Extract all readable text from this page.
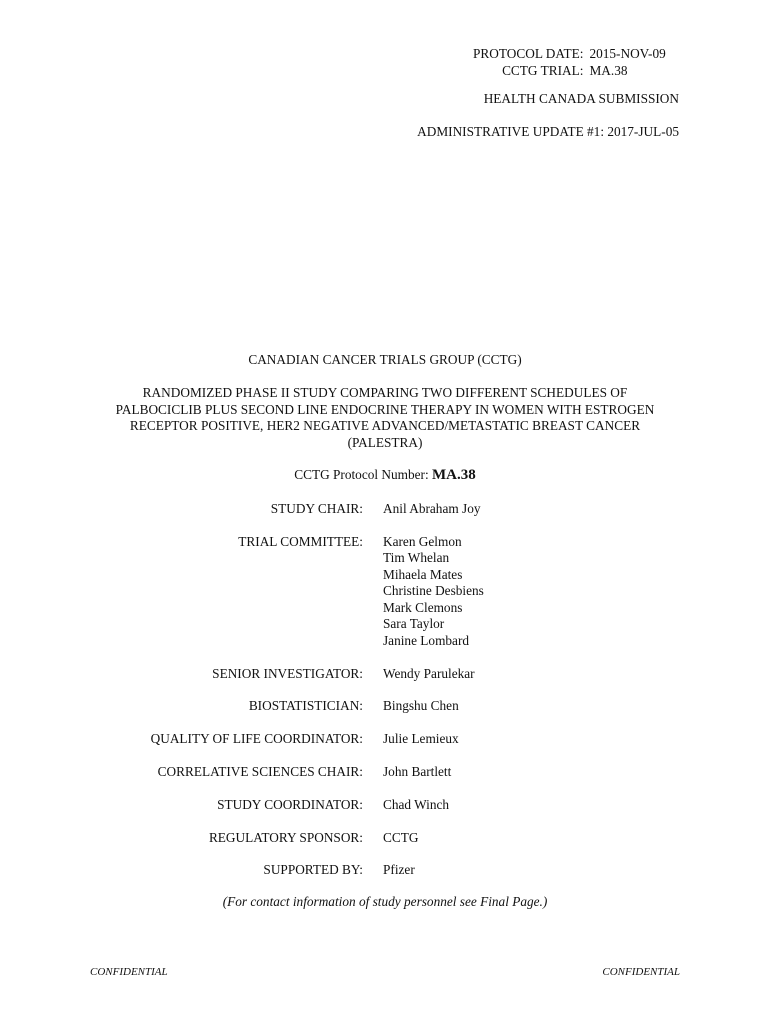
PROTOCOL DATE:	2015-NOV-09
CCTG TRIAL:	MA.38
HEALTH CANADA SUBMISSION
ADMINISTRATIVE UPDATE #1: 2017-JUL-05
CANADIAN CANCER TRIALS GROUP (CCTG)
RANDOMIZED PHASE II STUDY COMPARING TWO DIFFERENT SCHEDULES OF
PALBOCICLIB PLUS SECOND LINE ENDOCRINE THERAPY IN WOMEN WITH ESTROGEN
RECEPTOR POSITIVE, HER2 NEGATIVE ADVANCED/METASTATIC BREAST CANCER
(PALESTRA)
CCTG Protocol Number: MA.38
STUDY CHAIR: Anil Abraham Joy
TRIAL COMMITTEE: Karen Gelmon
Tim Whelan
Mihaela Mates
Christine Desbiens
Mark Clemons
Sara Taylor
Janine Lombard
SENIOR INVESTIGATOR: Wendy Parulekar
BIOSTATISTICIAN: Bingshu Chen
QUALITY OF LIFE COORDINATOR: Julie Lemieux
CORRELATIVE SCIENCES CHAIR: John Bartlett
STUDY COORDINATOR: Chad Winch
REGULATORY SPONSOR: CCTG
SUPPORTED BY: Pfizer
(For contact information of study personnel see Final Page.)
CONFIDENTIAL	CONFIDENTIAL
